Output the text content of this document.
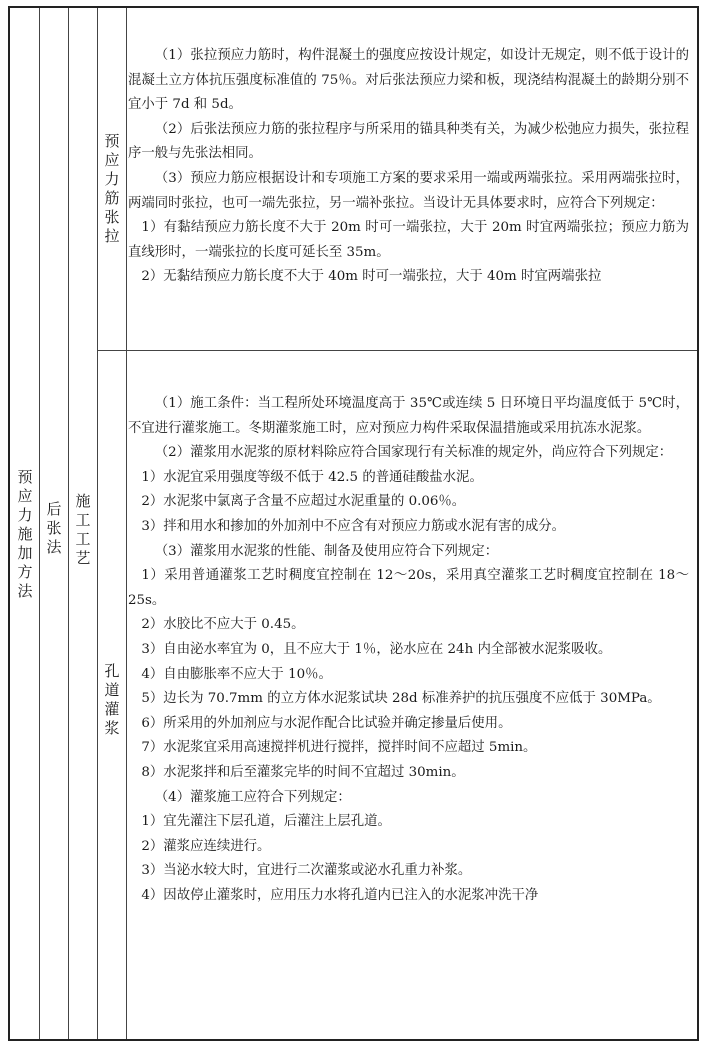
预应力施加方法
后张法
施工工艺
预应力筋张拉
孔道灌浆

（1）张拉预应力筋时，构件混凝土的强度应按设计规定，如设计无规定，则不低于设计的混凝土立方体抗压强度标准值的 75％。对后张法预应力梁和板，现浇结构混凝土的龄期分别不宜小于 7d 和 5d。

（2）后张法预应力筋的张拉程序与所采用的锚具种类有关，为减少松弛应力损失，张拉程序一般与先张法相同。

（3）预应力筋应根据设计和专项施工方案的要求采用一端或两端张拉。采用两端张拉时，两端同时张拉，也可一端先张拉，另一端补张拉。当设计无具体要求时，应符合下列规定：

1）有黏结预应力筋长度不大于 20m 时可一端张拉，大于 20m 时宜两端张拉；预应力筋为直线形时，一端张拉的长度可延长至 35m。

2）无黏结预应力筋长度不大于 40m 时可一端张拉，大于 40m 时宜两端张拉

（1）施工条件：当工程所处环境温度高于 35℃或连续 5 日环境日平均温度低于 5℃时，不宜进行灌浆施工。冬期灌浆施工时，应对预应力构件采取保温措施或采用抗冻水泥浆。

（2）灌浆用水泥浆的原材料除应符合国家现行有关标准的规定外，尚应符合下列规定：

1）水泥宜采用强度等级不低于 42.5 的普通硅酸盐水泥。

2）水泥浆中氯离子含量不应超过水泥重量的 0.06％。

3）拌和用水和掺加的外加剂中不应含有对预应力筋或水泥有害的成分。

（3）灌浆用水泥浆的性能、制备及使用应符合下列规定：

1）采用普通灌浆工艺时稠度宜控制在 12～20s，采用真空灌浆工艺时稠度宜控制在 18～25s。

2）水胶比不应大于 0.45。

3）自由泌水率宜为 0，且不应大于 1％，泌水应在 24h 内全部被水泥浆吸收。

4）自由膨胀率不应大于 10％。

5）边长为 70.7mm 的立方体水泥浆试块 28d 标准养护的抗压强度不应低于 30MPa。

6）所采用的外加剂应与水泥作配合比试验并确定掺量后使用。

7）水泥浆宜采用高速搅拌机进行搅拌，搅拌时间不应超过 5min。

8）水泥浆拌和后至灌浆完毕的时间不宜超过 30min。

（4）灌浆施工应符合下列规定：

1）宜先灌注下层孔道，后灌注上层孔道。

2）灌浆应连续进行。

3）当泌水较大时，宜进行二次灌浆或泌水孔重力补浆。

4）因故停止灌浆时，应用压力水将孔道内已注入的水泥浆冲洗干净
